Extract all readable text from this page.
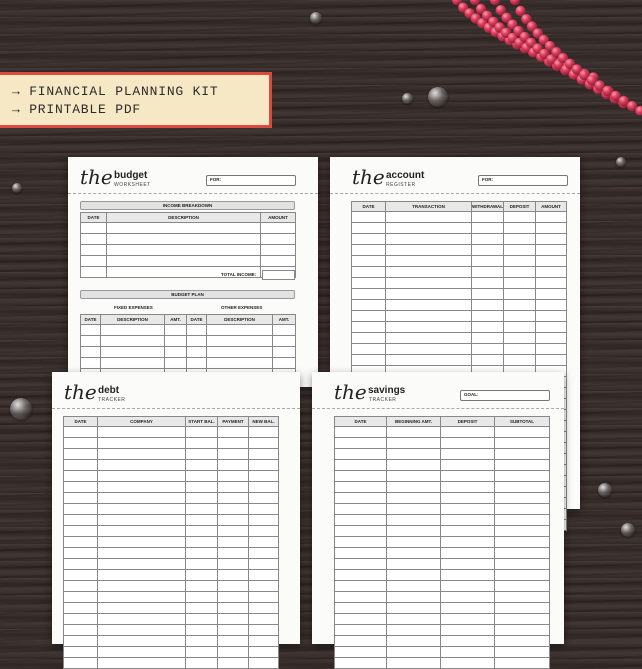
→ FINANCIAL PLANNING KIT
→ PRINTABLE PDF
the budget
WORKSHEET
FOR:
INCOME BREAKDOWN
DATE	DESCRIPTION	AMOUNT

TOTAL INCOME:
BUDGET PLAN
FIXED EXPENSES	OTHER EXPENSES
DATE	DESCRIPTION	AMT.	DATE	DESCRIPTION	AMT.

the account
REGISTER
FOR:
DATE	TRANSACTION	WITHDRAWAL	DEPOSIT	AMOUNT

the debt
TRACKER
DATE	COMPANY	START BAL.	PAYMENT	NEW BAL.

the savings
TRACKER
GOAL:
DATE	BEGINNING AMT.	DEPOSIT	SUBTOTAL
